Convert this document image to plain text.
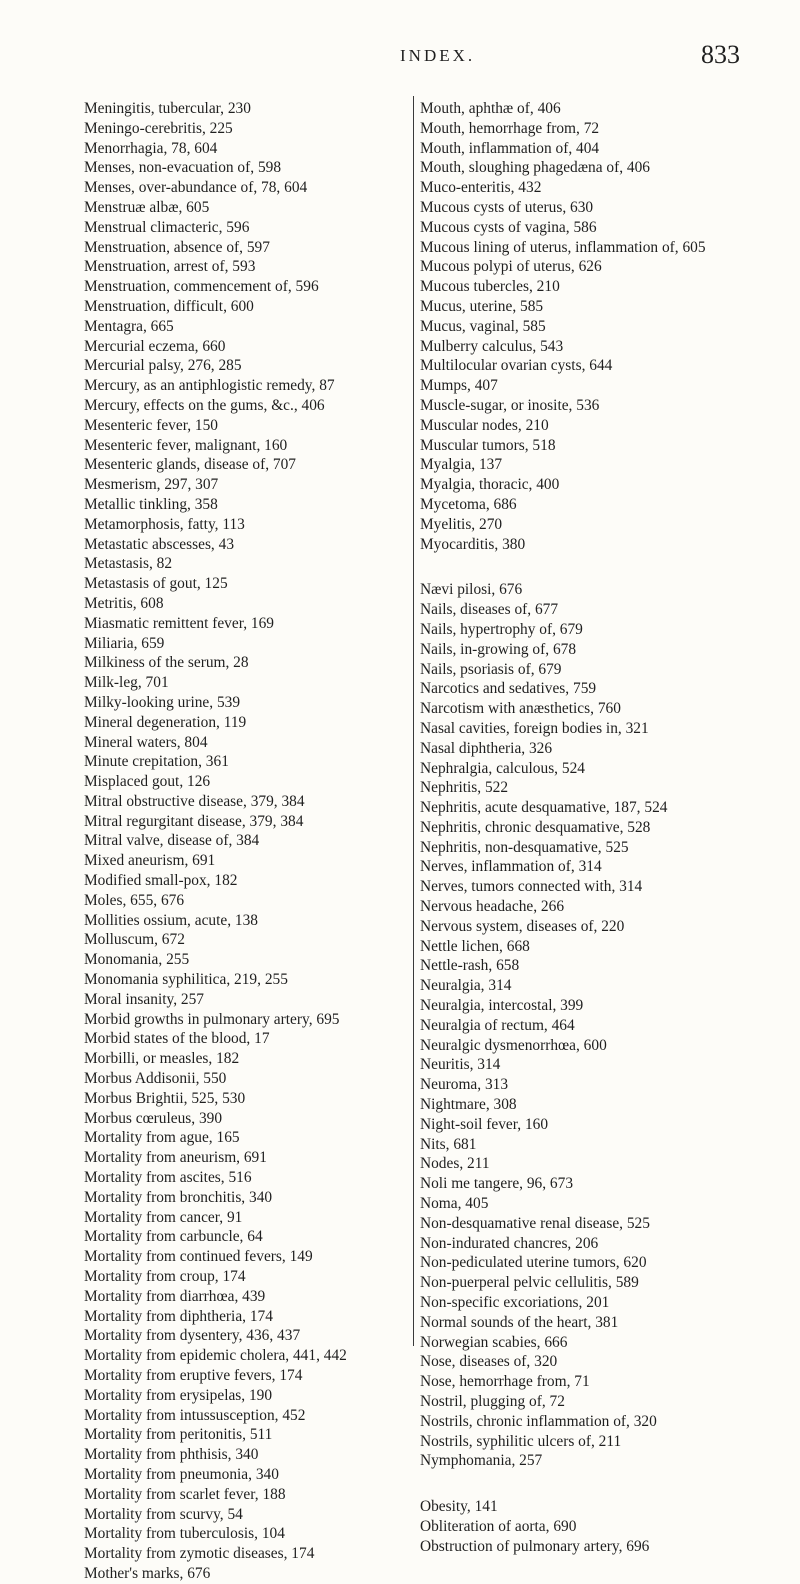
INDEX.	833
Meningitis, tubercular, 230
Meningo-cerebritis, 225
Menorrhagia, 78, 604
Menses, non-evacuation of, 598
Menses, over-abundance of, 78, 604
Menstruæ albæ, 605
Menstrual climacteric, 596
Menstruation, absence of, 597
Menstruation, arrest of, 593
Menstruation, commencement of, 596
Menstruation, difficult, 600
Mentagra, 665
Mercurial eczema, 660
Mercurial palsy, 276, 285
Mercury, as an antiphlogistic remedy, 87
Mercury, effects on the gums, &c., 406
Mesenteric fever, 150
Mesenteric fever, malignant, 160
Mesenteric glands, disease of, 707
Mesmerism, 297, 307
Metallic tinkling, 358
Metamorphosis, fatty, 113
Metastatic abscesses, 43
Metastasis, 82
Metastasis of gout, 125
Metritis, 608
Miasmatic remittent fever, 169
Miliaria, 659
Milkiness of the serum, 28
Milk-leg, 701
Milky-looking urine, 539
Mineral degeneration, 119
Mineral waters, 804
Minute crepitation, 361
Misplaced gout, 126
Mitral obstructive disease, 379, 384
Mitral regurgitant disease, 379, 384
Mitral valve, disease of, 384
Mixed aneurism, 691
Modified small-pox, 182
Moles, 655, 676
Mollities ossium, acute, 138
Molluscum, 672
Monomania, 255
Monomania syphilitica, 219, 255
Moral insanity, 257
Morbid growths in pulmonary artery, 695
Morbid states of the blood, 17
Morbilli, or measles, 182
Morbus Addisonii, 550
Morbus Brightii, 525, 530
Morbus cœruleus, 390
Mortality from ague, 165
Mortality from aneurism, 691
Mortality from ascites, 516
Mortality from bronchitis, 340
Mortality from cancer, 91
Mortality from carbuncle, 64
Mortality from continued fevers, 149
Mortality from croup, 174
Mortality from diarrhœa, 439
Mortality from diphtheria, 174
Mortality from dysentery, 436, 437
Mortality from epidemic cholera, 441, 442
Mortality from eruptive fevers, 174
Mortality from erysipelas, 190
Mortality from intussusception, 452
Mortality from peritonitis, 511
Mortality from phthisis, 340
Mortality from pneumonia, 340
Mortality from scarlet fever, 188
Mortality from scurvy, 54
Mortality from tuberculosis, 104
Mortality from zymotic diseases, 174
Mother's marks, 676
Mouth, aphthæ of, 406
Mouth, hemorrhage from, 72
Mouth, inflammation of, 404
Mouth, sloughing phagedæna of, 406
Muco-enteritis, 432
Mucous cysts of uterus, 630
Mucous cysts of vagina, 586
Mucous lining of uterus, inflammation of, 605
Mucous polypi of uterus, 626
Mucous tubercles, 210
Mucus, uterine, 585
Mucus, vaginal, 585
Mulberry calculus, 543
Multilocular ovarian cysts, 644
Mumps, 407
Muscle-sugar, or inosite, 536
Muscular nodes, 210
Muscular tumors, 518
Myalgia, 137
Myalgia, thoracic, 400
Mycetoma, 686
Myelitis, 270
Myocarditis, 380
Nævi pilosi, 676
Nails, diseases of, 677
Nails, hypertrophy of, 679
Nails, in-growing of, 678
Nails, psoriasis of, 679
Narcotics and sedatives, 759
Narcotism with anæsthetics, 760
Nasal cavities, foreign bodies in, 321
Nasal diphtheria, 326
Nephralgia, calculous, 524
Nephritis, 522
Nephritis, acute desquamative, 187, 524
Nephritis, chronic desquamative, 528
Nephritis, non-desquamative, 525
Nerves, inflammation of, 314
Nerves, tumors connected with, 314
Nervous headache, 266
Nervous system, diseases of, 220
Nettle lichen, 668
Nettle-rash, 658
Neuralgia, 314
Neuralgia, intercostal, 399
Neuralgia of rectum, 464
Neuralgic dysmenorrhœa, 600
Neuritis, 314
Neuroma, 313
Nightmare, 308
Night-soil fever, 160
Nits, 681
Nodes, 211
Noli me tangere, 96, 673
Noma, 405
Non-desquamative renal disease, 525
Non-indurated chancres, 206
Non-pediculated uterine tumors, 620
Non-puerperal pelvic cellulitis, 589
Non-specific excoriations, 201
Normal sounds of the heart, 381
Norwegian scabies, 666
Nose, diseases of, 320
Nose, hemorrhage from, 71
Nostril, plugging of, 72
Nostrils, chronic inflammation of, 320
Nostrils, syphilitic ulcers of, 211
Nymphomania, 257
Obesity, 141
Obliteration of aorta, 690
Obstruction of pulmonary artery, 696
